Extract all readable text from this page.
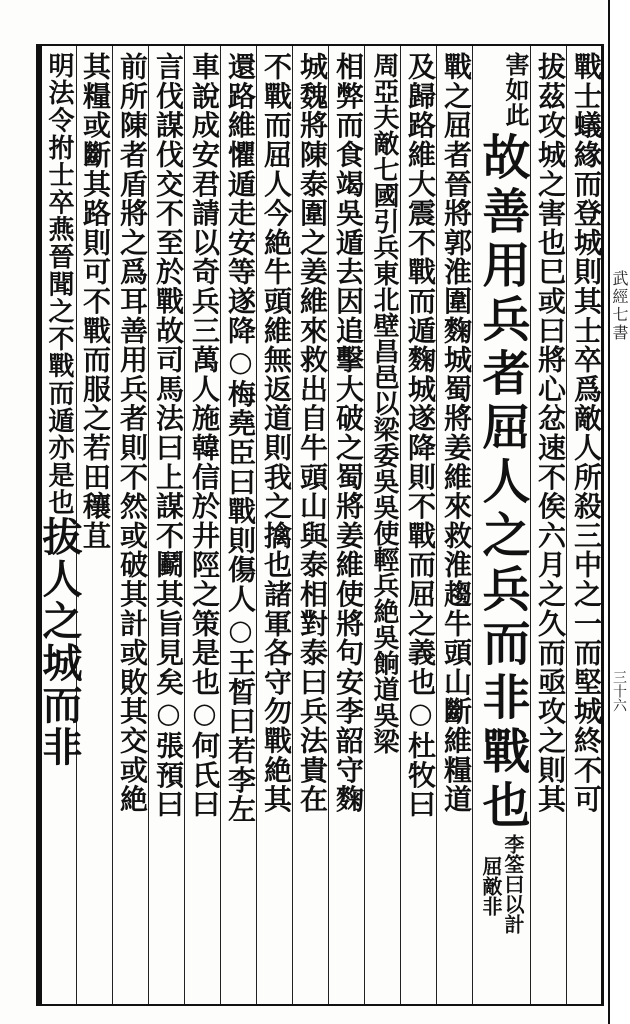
武經七書
三十六
戰士蟻緣而登城則其士卒爲敵人所殺三中之一而堅城終不可
拔茲攻城之害也巳或曰將心忿速不俟六月之久而亟攻之則其
害如此
故善用兵者屈人之兵而非戰也
李筌曰以計
屈敵非
戰之屈者晉將郭淮圍麴城蜀將姜維來救淮趨牛頭山斷維糧道
及歸路維大震不戰而遁麴城遂降則不戰而屈之義也○杜牧曰
周亞夫敵七國引兵東北壁昌邑以梁委吳吳使輕兵絶吳餉道吳梁
相弊而食竭吳遁去因追擊大破之蜀將姜維使將句安李韶守麴
城魏將陳泰圍之姜維來救出自牛頭山與泰相對泰曰兵法貴在
不戰而屈人今絶牛頭維無返道則我之擒也諸軍各守勿戰絶其
還路維懼遁走安等遂降○梅堯臣曰戰則傷人○王晳曰若李左
車說成安君請以奇兵三萬人施韓信於井陘之策是也○何氏曰
言伐謀伐交不至於戰故司馬法曰上謀不鬬其旨見矣○張預曰
前所陳者盾將之爲耳善用兵者則不然或破其計或敗其交或絶
其糧或斷其路則可不戰而服之若田穰苴
明法令拊士卒燕晉聞之不戰而遁亦是也
拔人之城而非
